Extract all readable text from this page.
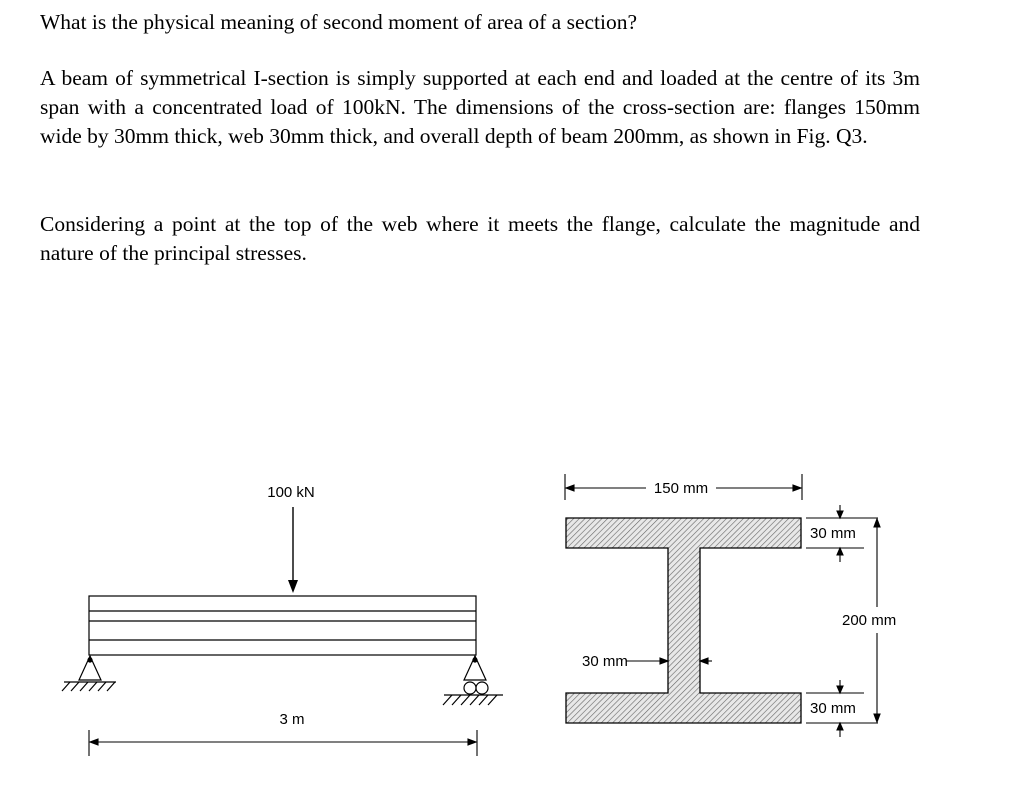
What is the physical meaning of second moment of area of a section?
A beam of symmetrical I-section is simply supported at each end and loaded at the centre of its 3m span with a concentrated load of 100kN. The dimensions of the cross-section are: flanges 150mm wide by 30mm thick, web 30mm thick, and overall depth of beam 200mm, as shown in Fig. Q3.
Considering a point at the top of the web where it meets the flange, calculate the magnitude and nature of the principal stresses.
100 kN
3 m
150 mm
30 mm
30 mm
200 mm
30 mm
